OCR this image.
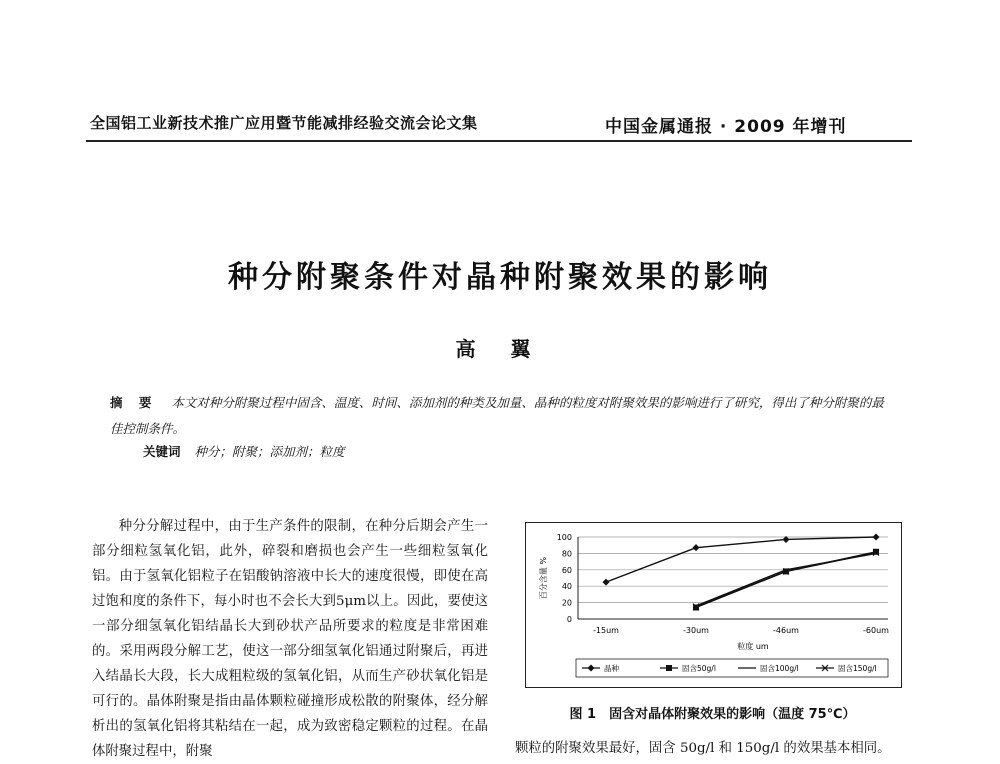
全国铝工业新技术推广应用暨节能减排经验交流会论文集	中国金属通报 · 2009 年增刊
种分附聚条件对晶种附聚效果的影响
高 翼
摘 要 本文对种分附聚过程中固含、温度、时间、添加剂的种类及加量、晶种的粒度对附聚效果的影响进行了研究，得出了种分附聚的最佳控制条件。
关键词 种分；附聚；添加剂；粒度
种分分解过程中，由于生产条件的限制，在种分后期会产生一部分细粒氢氧化铝，此外，碎裂和磨损也会产生一些细粒氢氧化铝。由于氢氧化铝粒子在铝酸钠溶液中长大的速度很慢，即使在高过饱和度的条件下，每小时也不会长大到5μm以上。因此，要使这一部分细氢氧化铝结晶长大到砂状产品所要求的粒度是非常困难的。采用两段分解工艺，使这一部分细氢氧化铝通过附聚后，再进入结晶长大段，长大成粗粒级的氢氧化铝，从而生产砂状氧化铝是可行的。晶体附聚是指由晶体颗粒碰撞形成松散的附聚体，经分解析出的氢氧化铝将其粘结在一起，成为致密稳定颗粒的过程。在晶体附聚过程中，附聚
0
20
40
60
80
100
百分含量 %
-15um	-30um	-46um	-60um
粒度 um
晶种	固含50g/l	固含100g/l	固含150g/l
图 1　固含对晶体附聚效果的影响（温度 75℃）
颗粒的附聚效果最好，固含 50g/l 和 150g/l 的效果基本相同。
